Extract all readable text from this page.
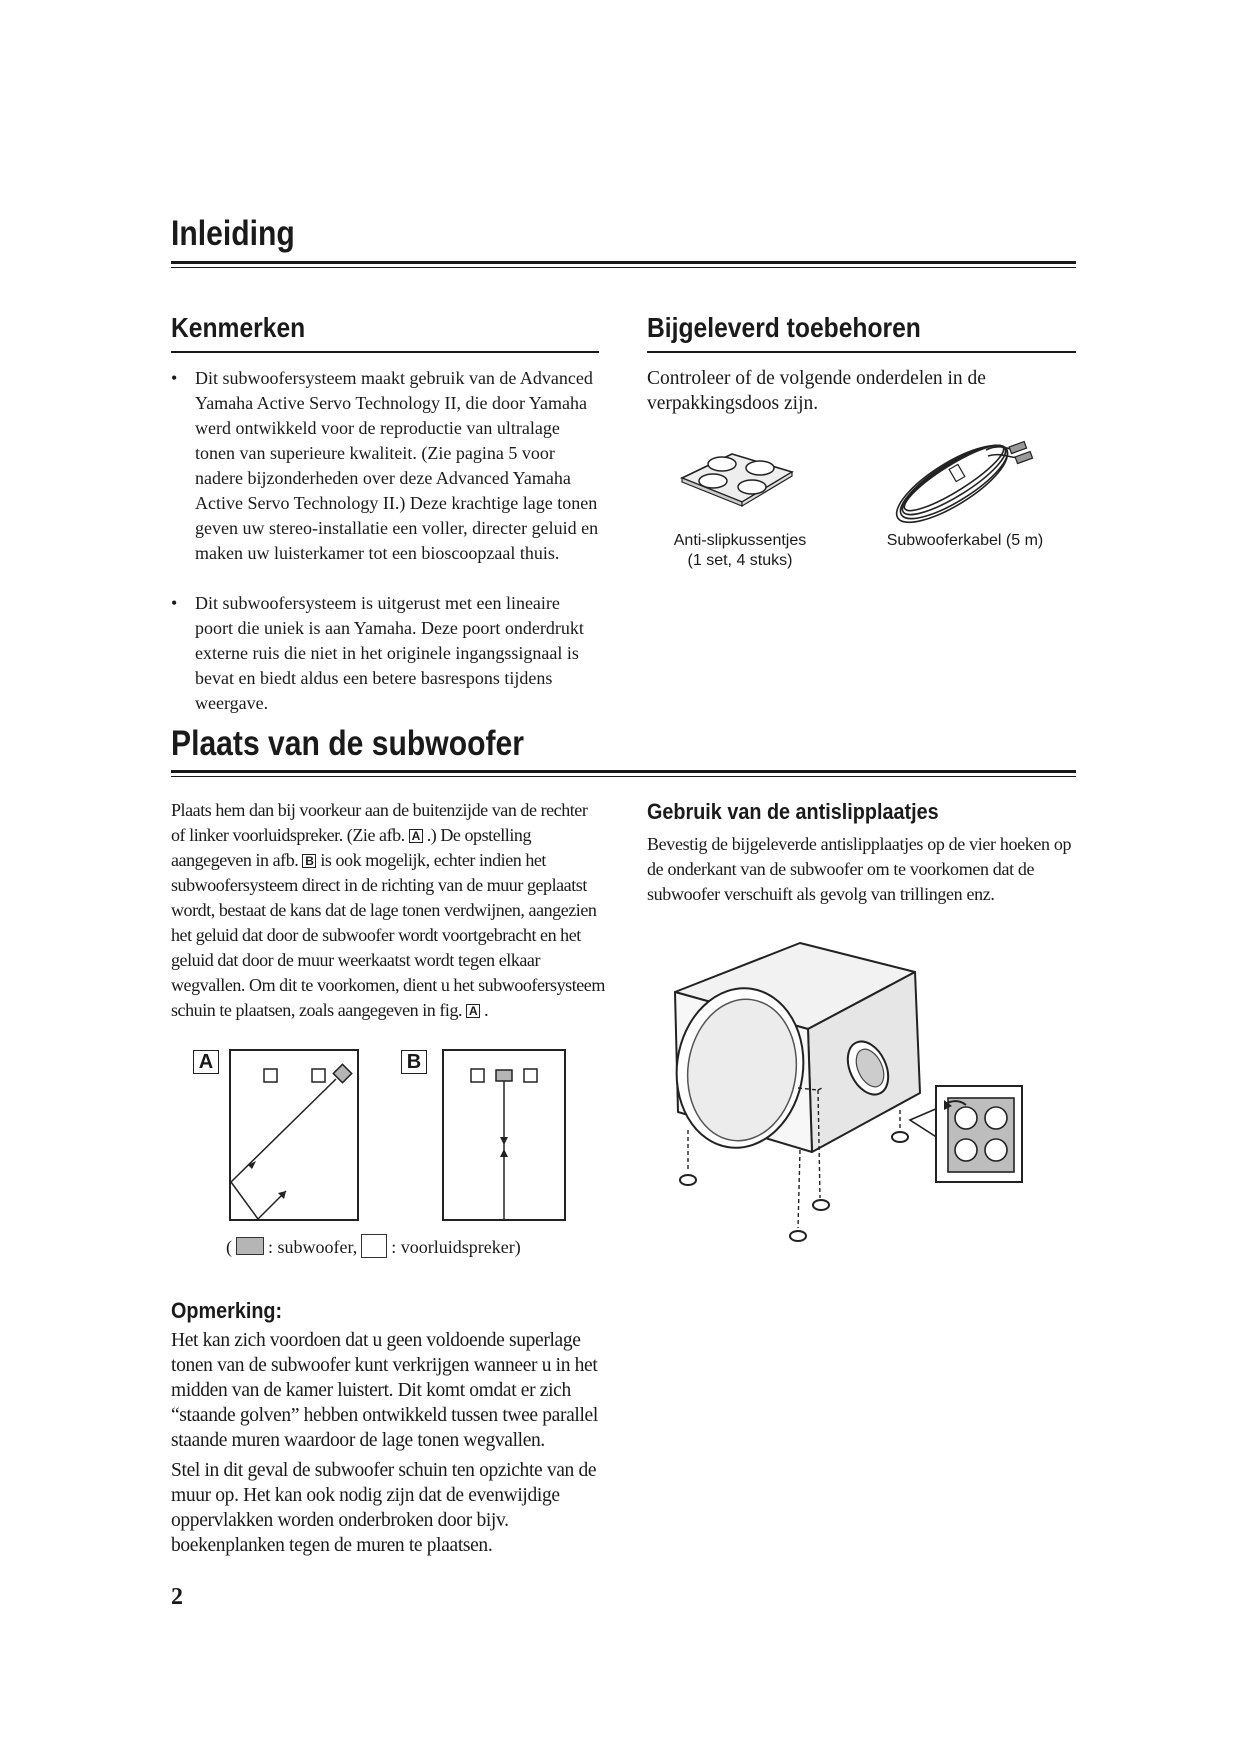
Inleiding
Kenmerken
• Dit subwoofersysteem maakt gebruik van de Advanced Yamaha Active Servo Technology II, die door Yamaha werd ontwikkeld voor de reproductie van ultralage tonen van superieure kwaliteit. (Zie pagina 5 voor nadere bijzonderheden over deze Advanced Yamaha Active Servo Technology II.) Deze krachtige lage tonen geven uw stereo-installatie een voller, directer geluid en maken uw luisterkamer tot een bioscoopzaal thuis.
• Dit subwoofersysteem is uitgerust met een lineaire poort die uniek is aan Yamaha. Deze poort onderdrukt externe ruis die niet in het originele ingangssignaal is bevat en biedt aldus een betere basrespons tijdens weergave.
Bijgeleverd toebehoren

Controleer of de volgende onderdelen in de verpakkingsdoos zijn.

Anti-slipkussentjes
(1 set, 4 stuks)
Subwooferkabel (5 m)
Plaats van de subwoofer

Plaats hem dan bij voorkeur aan de buitenzijde van de rechter of linker voorluidspreker. (Zie afb. A .) De opstelling aangegeven in afb. B is ook mogelijk, echter indien het subwoofersysteem direct in de richting van de muur geplaatst wordt, bestaat de kans dat de lage tonen verdwijnen, aangezien het geluid dat door de subwoofer wordt voortgebracht en het geluid dat door de muur weerkaatst wordt tegen elkaar wegvallen. Om dit te voorkomen, dient u het subwoofersysteem schuin te plaatsen, zoals aangegeven in fig. A .

A	B
( : subwoofer, : voorluidspreker)
Opmerking:

Het kan zich voordoen dat u geen voldoende superlage tonen van de subwoofer kunt verkrijgen wanneer u in het midden van de kamer luistert. Dit komt omdat er zich “staande golven” hebben ontwikkeld tussen twee parallel staande muren waardoor de lage tonen wegvallen.

Stel in dit geval de subwoofer schuin ten opzichte van de muur op. Het kan ook nodig zijn dat de evenwijdige oppervlakken worden onderbroken door bijv. boekenplanken tegen de muren te plaatsen.

Gebruik van de antislipplaatjes

Bevestig de bijgeleverde antislipplaatjes op de vier hoeken op de onderkant van de subwoofer om te voorkomen dat de subwoofer verschuift als gevolg van trillingen enz.

2
